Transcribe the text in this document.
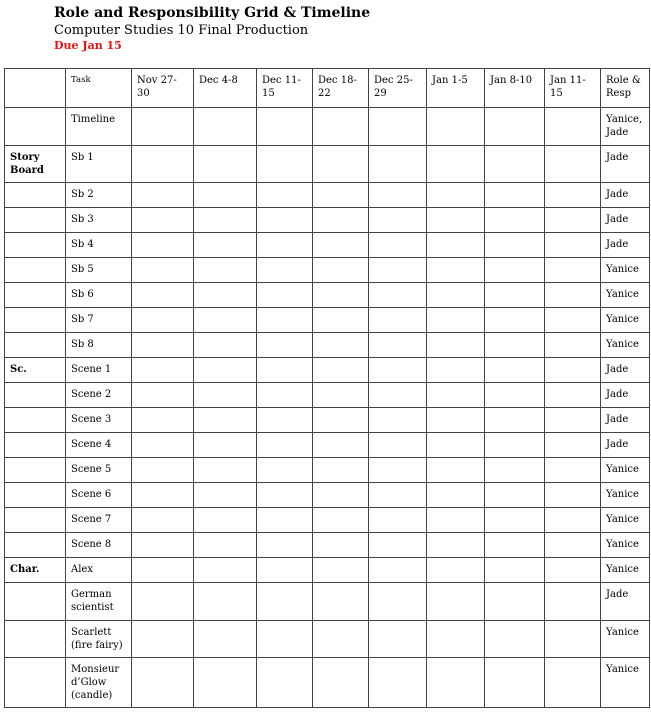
Role and Responsibility Grid & Timeline
Computer Studies 10 Final Production
Due Jan 15
	Task	Nov 27-30	Dec 4-8	Dec 11-15	Dec 18-22	Dec 25-29	Jan 1-5	Jan 8-10	Jan 11-15	Role & Resp
	Timeline									Yanice, Jade
Story Board	Sb 1									Jade
	Sb 2									Jade
	Sb 3									Jade
	Sb 4									Jade
	Sb 5									Yanice
	Sb 6									Yanice
	Sb 7									Yanice
	Sb 8									Yanice
Sc.	Scene 1									Jade
	Scene 2									Jade
	Scene 3									Jade
	Scene 4									Jade
	Scene 5									Yanice
	Scene 6									Yanice
	Scene 7									Yanice
	Scene 8									Yanice
Char.	Alex									Yanice
	German scientist									Jade
	Scarlett (fire fairy)									Yanice
	Monsieur d’Glow (candle)									Yanice
